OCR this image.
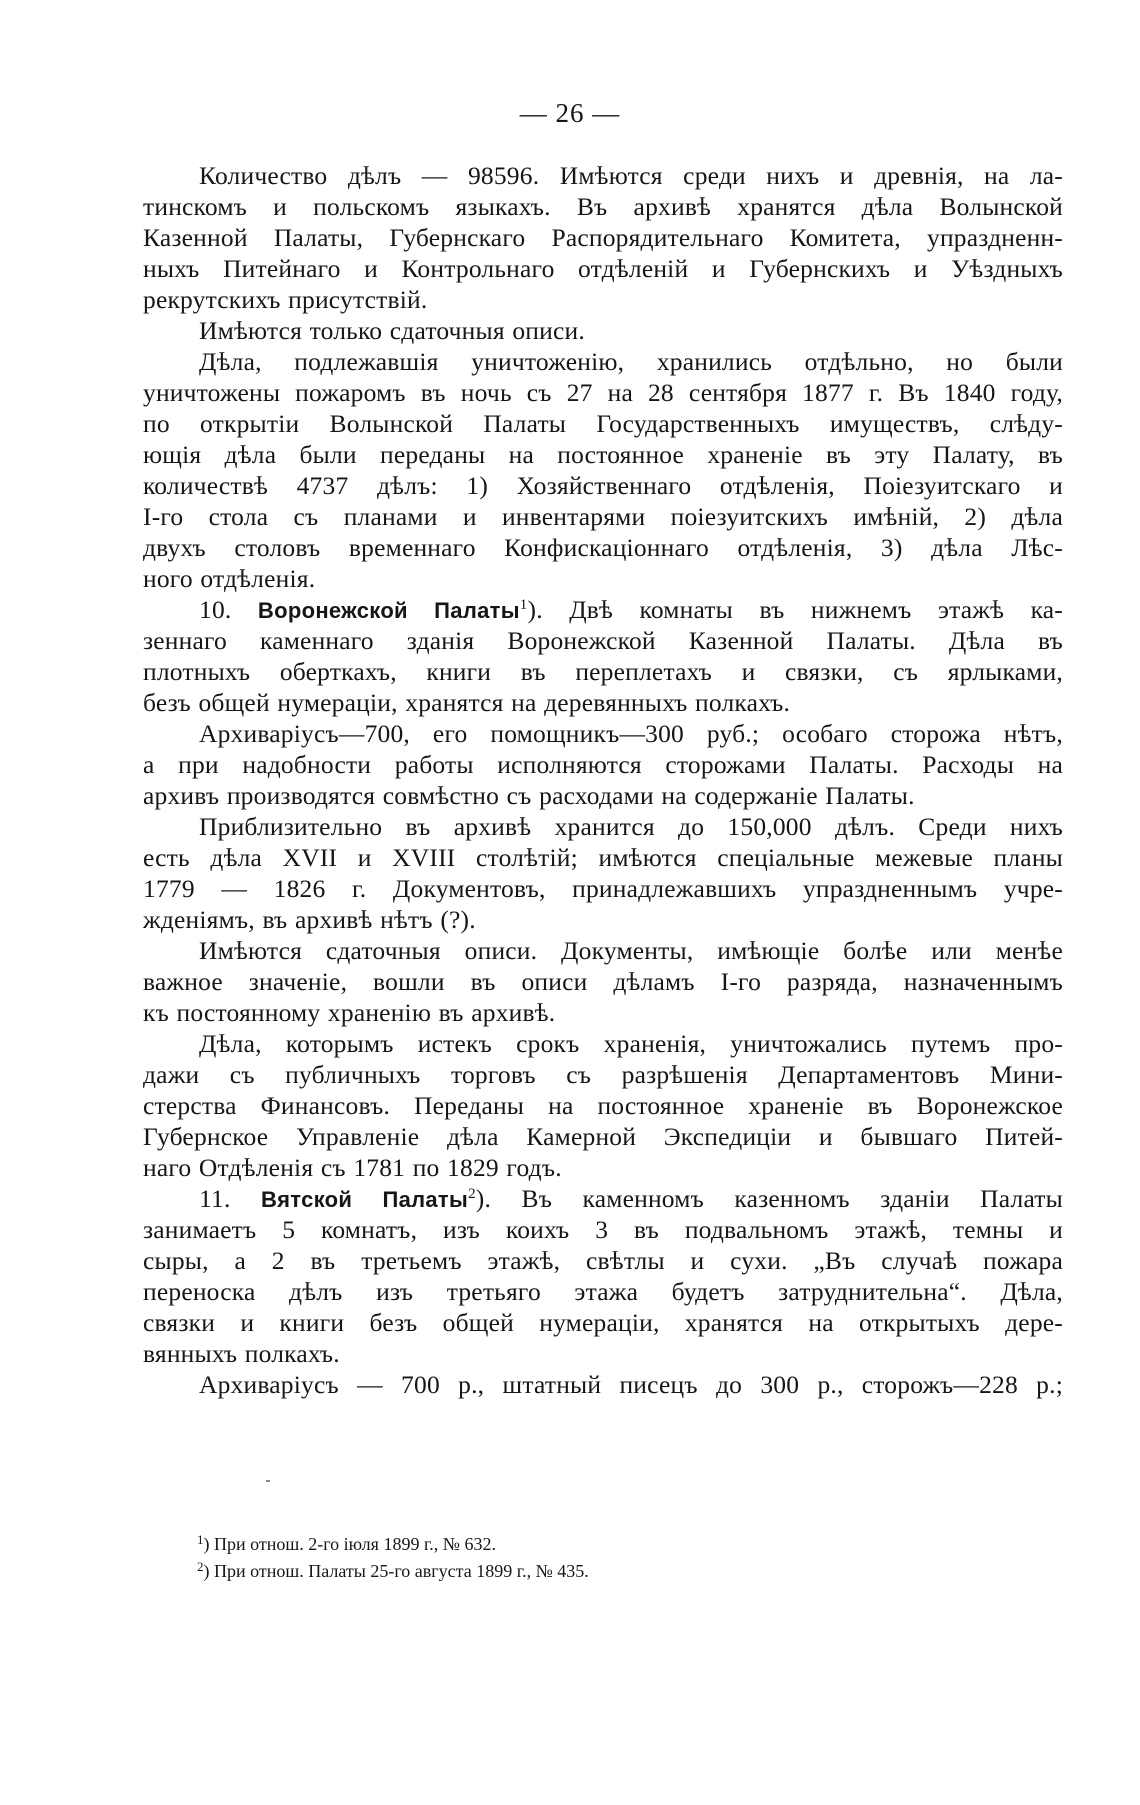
— 26 —
Количество дѣлъ — 98596. Имѣются среди нихъ и древнія, на ла-
тинскомъ и польскомъ языкахъ. Въ архивѣ хранятся дѣла Волынской
Казенной Палаты, Губернскаго Распорядительнаго Комитета, упраздненн-
ныхъ Питейнаго и Контрольнаго отдѣленій и Губернскихъ и Уѣздныхъ
рекрутскихъ присутствій.
Имѣются только сдаточныя описи.
Дѣла, подлежавшія уничтоженію, хранились отдѣльно, но были
уничтожены пожаромъ въ ночь съ 27 на 28 сентября 1877 г. Въ 1840 году,
по открытіи Волынской Палаты Государственныхъ имуществъ, слѣду-
ющія дѣла были переданы на постоянное храненіе въ эту Палату, въ
количествѣ 4737 дѣлъ: 1) Хозяйственнаго отдѣленія, Поіезуитскаго и
I-го стола съ планами и инвентарями поіезуитскихъ имѣній, 2) дѣла
двухъ столовъ временнаго Конфискаціоннаго отдѣленія, 3) дѣла Лѣс-
ного отдѣленія.
10. Воронежской Палаты$^1$). Двѣ комнаты въ нижнемъ этажѣ ка-
зеннаго каменнаго зданія Воронежской Казенной Палаты. Дѣла въ
плотныхъ оберткахъ, книги въ переплетахъ и связки, съ ярлыками,
безъ общей нумераціи, хранятся на деревянныхъ полкахъ.
Архиваріусъ—700, его помощникъ—300 руб.; особаго сторожа нѣтъ,
а при надобности работы исполняются сторожами Палаты. Расходы на
архивъ производятся совмѣстно съ расходами на содержаніе Палаты.
Приблизительно въ архивѣ хранится до 150,000 дѣлъ. Среди нихъ
есть дѣла XVII и XVIII столѣтій; имѣются спеціальные межевые планы
1779 — 1826 г. Документовъ, принадлежавшихъ упраздненнымъ учре-
жденіямъ, въ архивѣ нѣтъ (?).
Имѣются сдаточныя описи. Документы, имѣющіе болѣе или менѣе
важное значеніе, вошли въ описи дѣламъ I-го разряда, назначеннымъ
къ постоянному храненію въ архивѣ.
Дѣла, которымъ истекъ срокъ храненія, уничтожались путемъ про-
дажи съ публичныхъ торговъ съ разрѣшенія Департаментовъ Мини-
стерства Финансовъ. Переданы на постоянное храненіе въ Воронежское
Губернское Управленіе дѣла Камерной Экспедиціи и бывшаго Питей-
наго Отдѣленія съ 1781 по 1829 годъ.
11. Вятской Палаты$^2$). Въ каменномъ казенномъ зданіи Палаты
занимаетъ 5 комнатъ, изъ коихъ 3 въ подвальномъ этажѣ, темны и
сыры, а 2 въ третьемъ этажѣ, свѣтлы и сухи. „Въ случаѣ пожара
переноска дѣлъ изъ третьяго этажа будетъ затруднительна“. Дѣла,
связки и книги безъ общей нумераціи, хранятся на открытыхъ дере-
вянныхъ полкахъ.
Архиваріусъ — 700 р., штатный писецъ до 300 р., сторожъ—228 р.;
$^1$) При отнош. 2-го іюля 1899 г., № 632.
$^2$) При отнош. Палаты 25-го августа 1899 г., № 435.
